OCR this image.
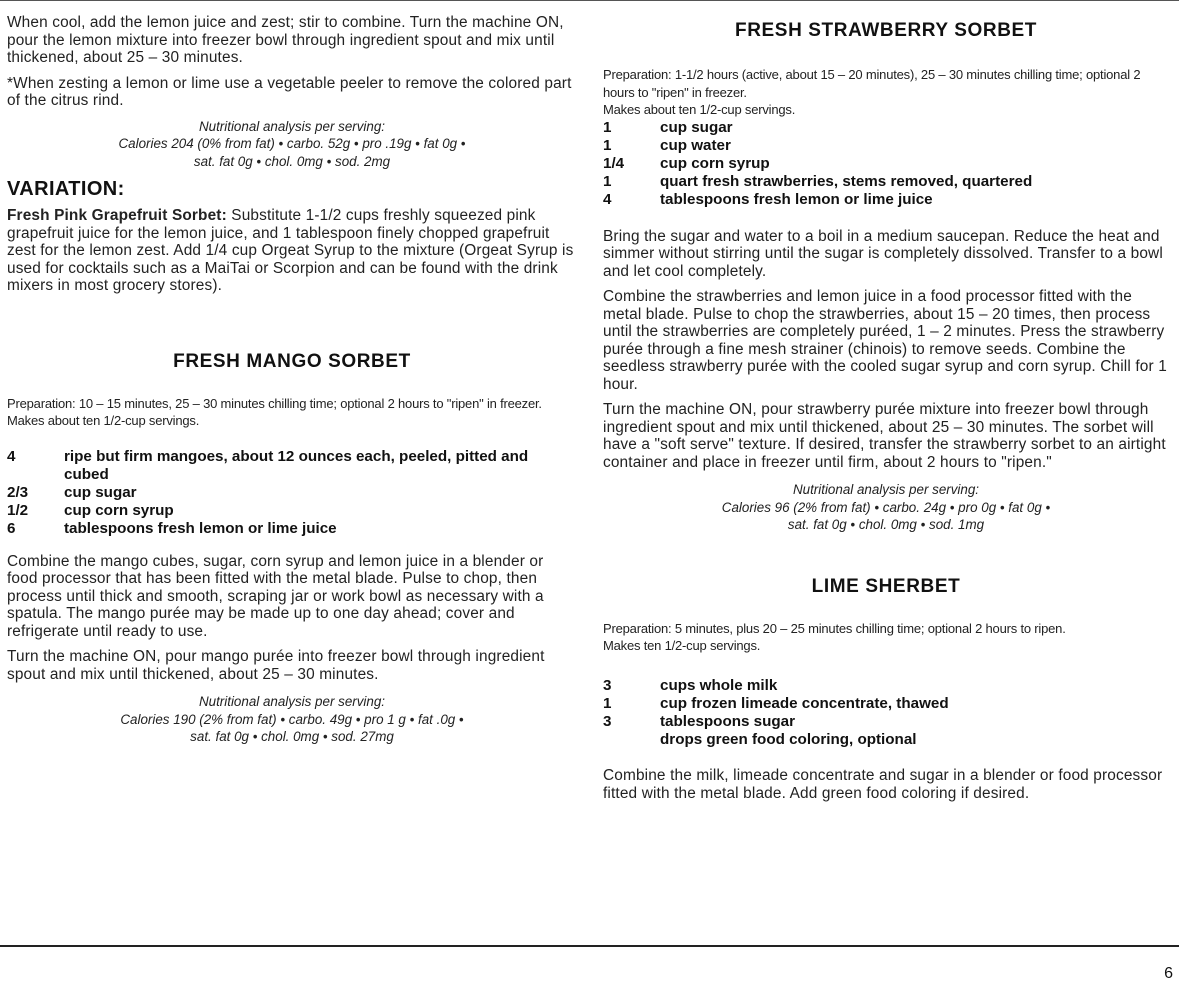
When cool, add the lemon juice and zest; stir to combine. Turn the machine ON, pour the lemon mixture into freezer bowl through ingredient spout and mix until thickened, about 25 – 30 minutes.

*When zesting a lemon or lime use a vegetable peeler to remove the colored part of the citrus rind.

Nutritional analysis per serving:
Calories 204 (0% from fat) • carbo. 52g • pro .19g • fat 0g •
sat. fat 0g • chol. 0mg • sod. 2mg
VARIATION:

Fresh Pink Grapefruit Sorbet: Substitute 1-1/2 cups freshly squeezed pink grapefruit juice for the lemon juice, and 1 tablespoon finely chopped grapefruit zest for the lemon zest. Add 1/4 cup Orgeat Syrup to the mixture (Orgeat Syrup is used for cocktails such as a MaiTai or Scorpion and can be found with the drink mixers in most grocery stores).

FRESH MANGO SORBET

Preparation: 10 – 15 minutes, 25 – 30 minutes chilling time; optional 2 hours to "ripen" in freezer.

Makes about ten 1/2-cup servings.

4	ripe but firm mangoes, about 12 ounces each, peeled, pitted and cubed
2/3	cup sugar
1/2	cup corn syrup
6	tablespoons fresh lemon or lime juice

Combine the mango cubes, sugar, corn syrup and lemon juice in a blender or food processor that has been fitted with the metal blade. Pulse to chop, then process until thick and smooth, scraping jar or work bowl as necessary with a spatula. The mango purée may be made up to one day ahead; cover and refrigerate until ready to use.

Turn the machine ON, pour mango purée into freezer bowl through ingredient spout and mix until thickened, about 25 – 30 minutes.

Nutritional analysis per serving:
Calories 190 (2% from fat) • carbo. 49g • pro 1 g • fat .0g •
sat. fat 0g • chol. 0mg • sod. 27mg
FRESH STRAWBERRY SORBET

Preparation: 1-1/2 hours (active, about 15 – 20 minutes), 25 – 30 minutes chilling time; optional 2 hours to "ripen" in freezer.

Makes about ten 1/2-cup servings.

1	cup sugar
1	cup water
1/4	cup corn syrup
1	quart fresh strawberries, stems removed, quartered
4	tablespoons fresh lemon or lime juice

Bring the sugar and water to a boil in a medium saucepan. Reduce the heat and simmer without stirring until the sugar is completely dissolved. Transfer to a bowl and let cool completely.

Combine the strawberries and lemon juice in a food processor fitted with the metal blade. Pulse to chop the strawberries, about 15 – 20 times, then process until the strawberries are completely puréed, 1 – 2 minutes. Press the strawberry purée through a fine mesh strainer (chinois) to remove seeds. Combine the seedless strawberry purée with the cooled sugar syrup and corn syrup. Chill for 1 hour.

Turn the machine ON, pour strawberry purée mixture into freezer bowl through ingredient spout and mix until thickened, about 25 – 30 minutes. The sorbet will have a "soft serve" texture. If desired, transfer the strawberry sorbet to an airtight container and place in freezer until firm, about 2 hours to "ripen."

Nutritional analysis per serving:
Calories 96 (2% from fat) • carbo. 24g • pro 0g • fat 0g •
sat. fat 0g • chol. 0mg • sod. 1mg
LIME SHERBET

Preparation: 5 minutes, plus 20 – 25 minutes chilling time; optional 2 hours to ripen.

Makes ten 1/2-cup servings.

3	cups whole milk
1	cup frozen limeade concentrate, thawed
3	tablespoons sugar
drops green food coloring, optional

Combine the milk, limeade concentrate and sugar in a blender or food processor fitted with the metal blade. Add green food coloring if desired.

6
